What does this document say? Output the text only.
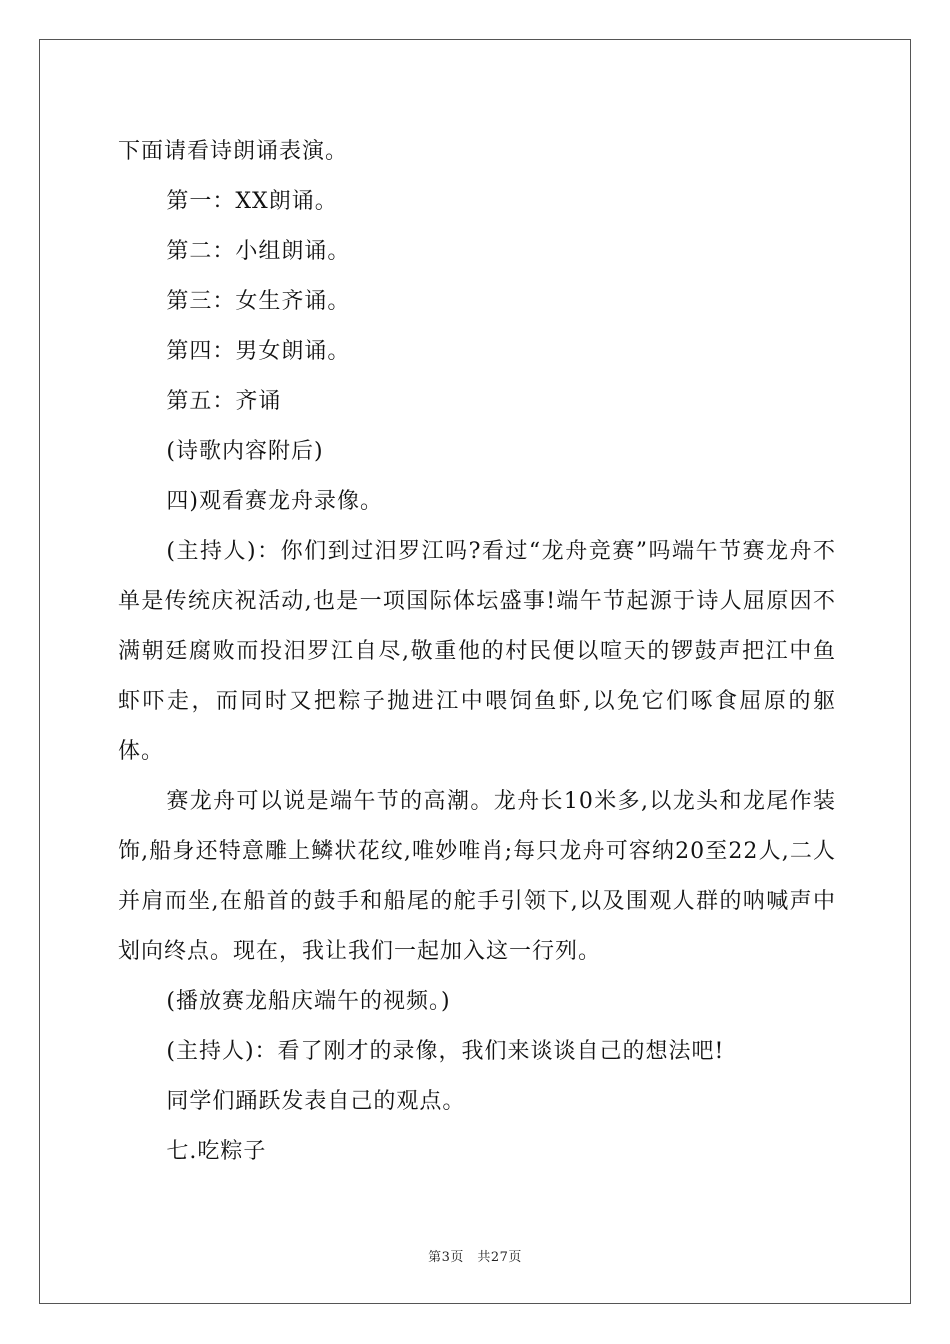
下面请看诗朗诵表演。

第一：XX朗诵。

第二：小组朗诵。

第三：女生齐诵。

第四：男女朗诵。

第五：齐诵

(诗歌内容附后)

四)观看赛龙舟录像。

(主持人)：你们到过汨罗江吗?看过“龙舟竞赛”吗端午节赛龙舟不单是传统庆祝活动,也是一项国际体坛盛事!端午节起源于诗人屈原因不满朝廷腐败而投汨罗江自尽,敬重他的村民便以喧天的锣鼓声把江中鱼虾吓走，而同时又把粽子抛进江中喂饲鱼虾,以免它们啄食屈原的躯体。

赛龙舟可以说是端午节的高潮。龙舟长10米多,以龙头和龙尾作装饰,船身还特意雕上鳞状花纹,唯妙唯肖;每只龙舟可容纳20至22人,二人并肩而坐,在船首的鼓手和船尾的舵手引领下,以及围观人群的呐喊声中划向终点。现在，我让我们一起加入这一行列。

(播放赛龙船庆端午的视频。)

(主持人)：看了刚才的录像，我们来谈谈自己的想法吧!

同学们踊跃发表自己的观点。

七.吃粽子

第3页　共27页
